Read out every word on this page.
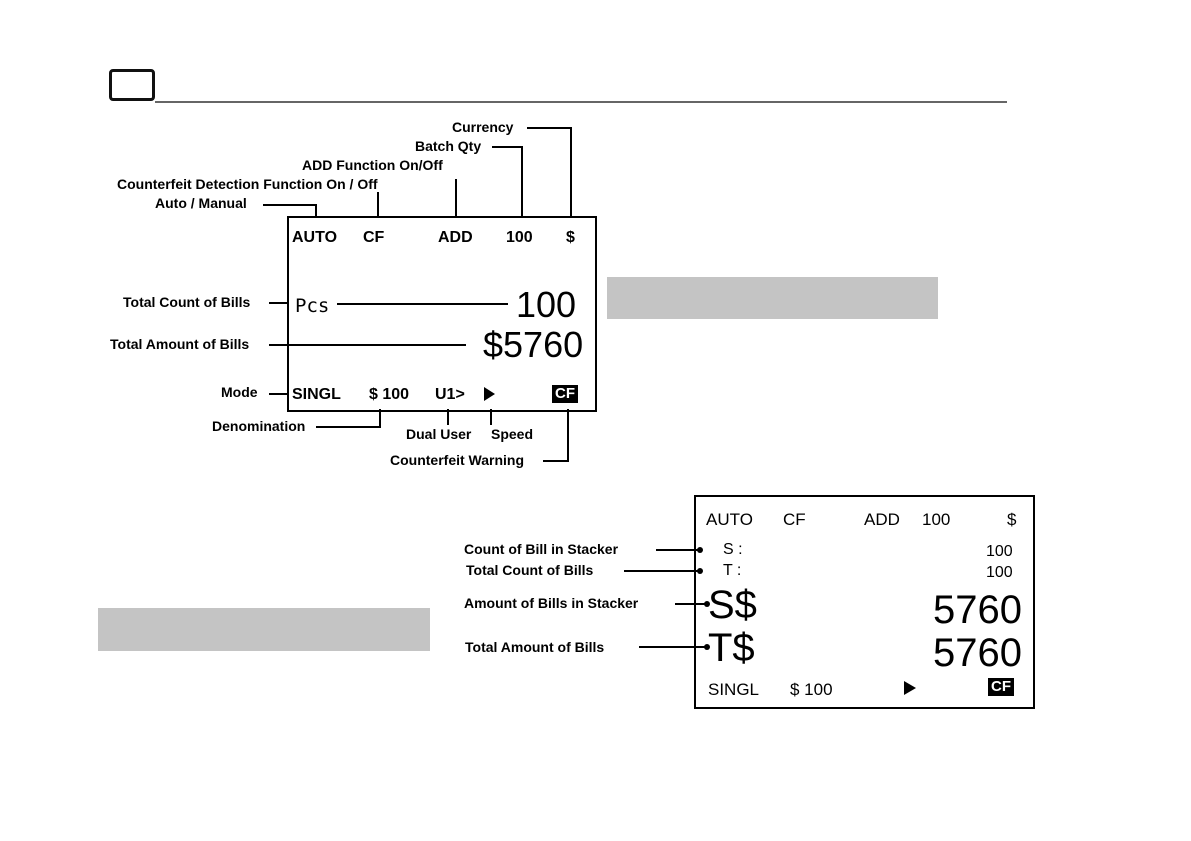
Currency
Batch Qty
ADD Function On/Off
Counterfeit Detection Function On / Off
Auto / Manual
Total Count of Bills
Total Amount of Bills
Mode
Denomination	Dual User Speed
Counterfeit Warning
AUTO CF	ADD 100 $
Pcs	100
$5760
SINGL $ 100 U1>	CF
Count of Bill in Stacker
Total Count of Bills
Amount of Bills in Stacker
Total Amount of Bills
AUTO CF	ADD 100	$
S :	100
T :	100
S$	5760
T$	5760
SINGL $ 100	CF
